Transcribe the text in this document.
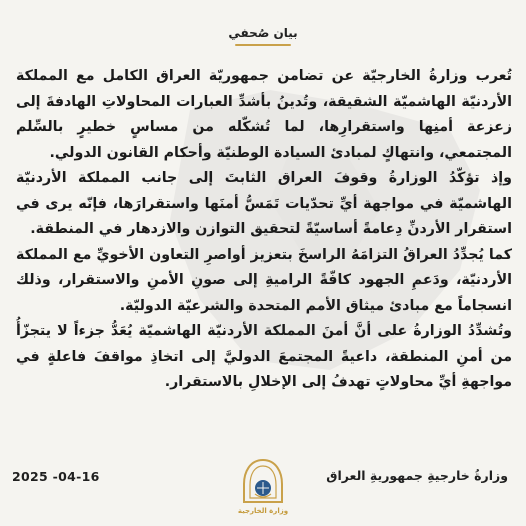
بيان صُحفي

تُعرب وزارةُ الخارجيّة عن تضامن جمهوريّة العراق الكامل مع المملكة الأردنيّة الهاشميّة الشقيقة، وتُدينُ بأشدِّ العبارات المحاولاتِ الهادفةَ إلى زعزعة أمنِها واستقرارِها، لما تُشكّله من مساسٍ خطيرٍ بالسِّلم المجتمعي، وانتهاكٍ لمبادئ السيادة الوطنيّة وأحكام القانون الدولي.

وإذ تؤكّدُ الوزارةُ وقوفَ العراق الثابتَ إلى جانب المملكة الأردنيّة الهاشميّة في مواجهة أيِّ تحدّيات تَمَسُّ أمنَها واستقرارَها، فإنّه يرى في استقرار الأردنِّ دِعامةً أساسيّةً لتحقيق التوازن والازدهار في المنطقة.

كما يُجدِّدُ العراقُ التزامَهُ الراسخَ بتعزيز أواصرِ التعاون الأخويِّ مع المملكة الأردنيّة، ودَعمِ الجهود كافّةً الراميةِ إلى صونِ الأمنِ والاستقرار، وذلك انسجاماً مع مبادئ ميثاق الأمم المتحدة والشرعيّة الدوليّة.

وتُشدِّدُ الوزارةُ على أنَّ أمنَ المملكة الأردنيّة الهاشميّة يُعَدُّ جزءاً لا يتجزّأُ من أمنِ المنطقة، داعيةً المجتمعَ الدوليَّ إلى اتخاذِ مواقفَ فاعلةٍ في مواجهةِ أيِّ محاولاتٍ تهدفُ إلى الإخلالِ بالاستقرار.

وزارةُ خارجيةِ جمهوريةِ العراق
2025 -04-16
وزارة الخارجية
